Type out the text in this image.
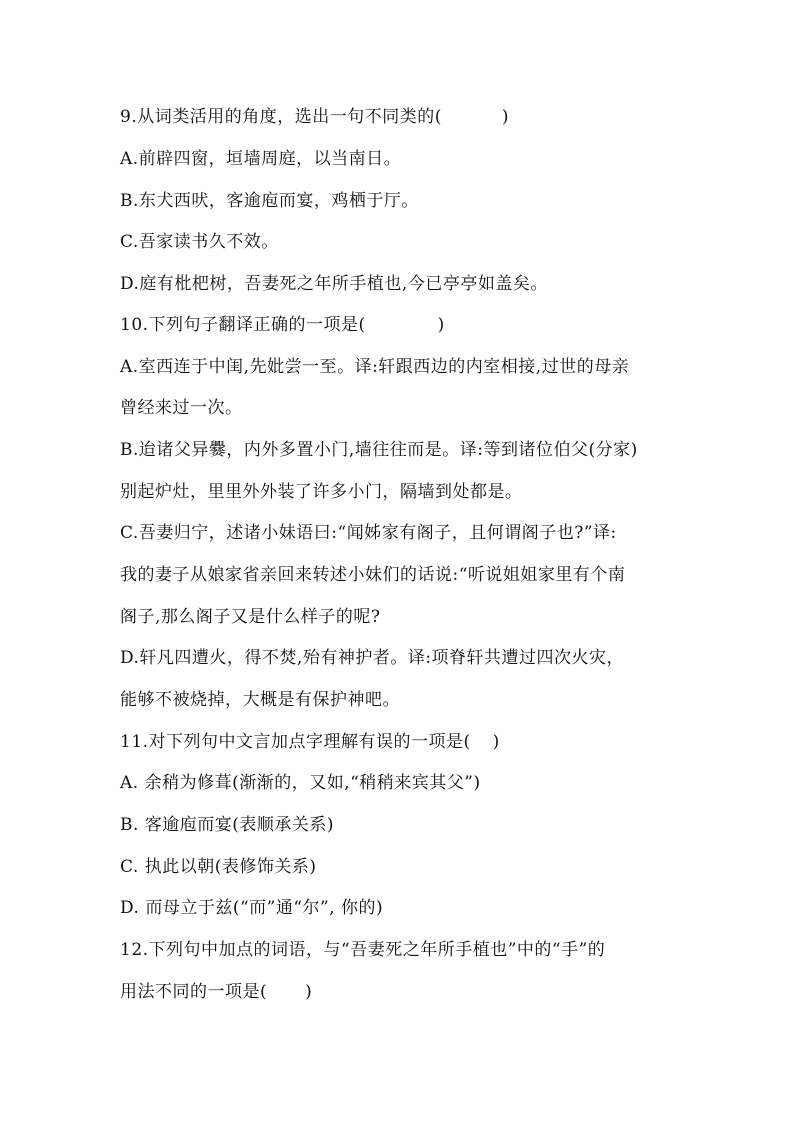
9.从词类活用的角度，选出一句不同类的(	)
A.前辟四窗，垣墙周庭，以当南日。
B.东犬西吠，客逾庖而宴，鸡栖于厅。
C.吾家读书久不效。
D.庭有枇杷树，吾妻死之年所手植也,今已亭亭如盖矣。
10.下列句子翻译正确的一项是(	)
A.室西连于中闺,先妣尝一至。译:轩跟西边的内室相接,过世的母亲
曾经来过一次。
B.迨诸父异爨，内外多置小门,墙往往而是。译:等到诸位伯父(分家)
别起炉灶，里里外外装了许多小门，隔墙到处都是。
C.吾妻归宁，述诸小妹语曰:“闻姊家有阁子，且何谓阁子也?”译:
我的妻子从娘家省亲回来转述小妹们的话说:“听说姐姐家里有个南
阁子,那么阁子又是什么样子的呢?
D.轩凡四遭火，得不焚,殆有神护者。译:项脊轩共遭过四次火灾，
能够不被烧掉，大概是有保护神吧。
11.对下列句中文言加点字理解有误的一项是( )
A. 余稍为修葺(渐渐的，又如,“稍稍来宾其父”)
B. 客逾庖而宴(表顺承关系)
C. 执此以朝(表修饰关系)
D. 而母立于兹(“而”通“尔”, 你的)
12.下列句中加点的词语，与“吾妻死之年所手植也”中的“手”的
用法不同的一项是( )
